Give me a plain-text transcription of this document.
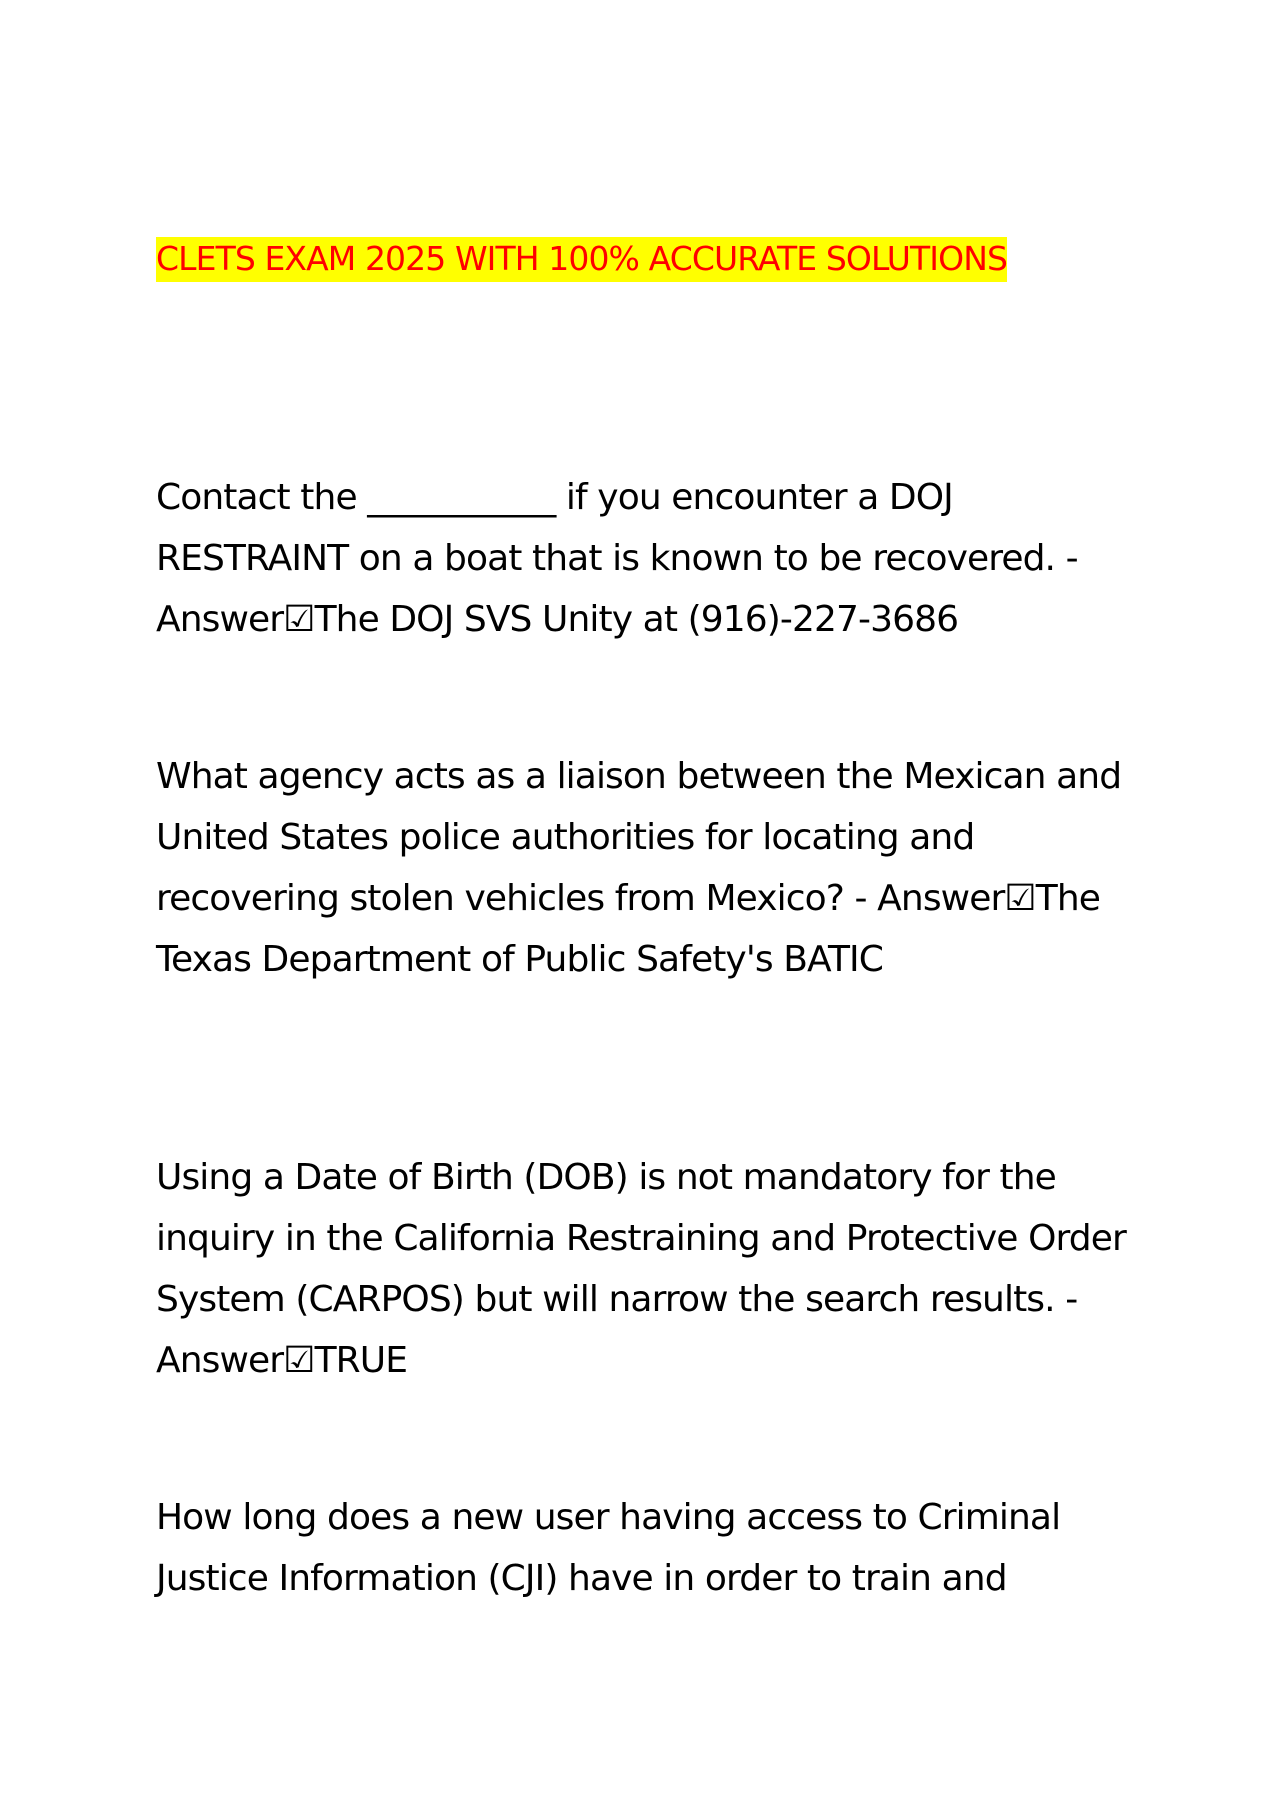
CLETS EXAM 2025 WITH 100% ACCURATE SOLUTIONS

Contact the ___________ if you encounter a DOJ RESTRAINT on a boat that is known to be recovered. - Answer☑The DOJ SVS Unity at (916)-227-3686

What agency acts as a liaison between the Mexican and United States police authorities for locating and recovering stolen vehicles from Mexico? - Answer☑The Texas Department of Public Safety's BATIC

Using a Date of Birth (DOB) is not mandatory for the inquiry in the California Restraining and Protective Order System (CARPOS) but will narrow the search results. - Answer☑TRUE

How long does a new user having access to Criminal Justice Information (CJI) have in order to train and
